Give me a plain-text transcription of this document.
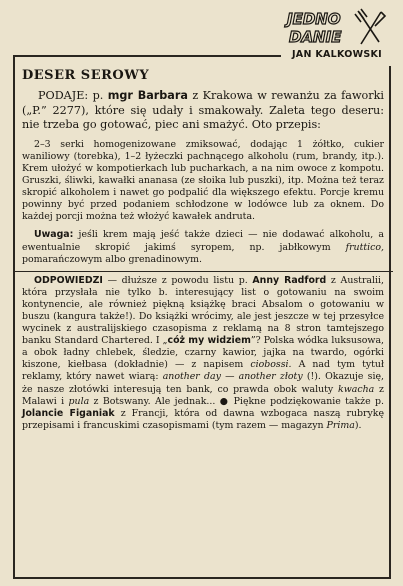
JEDNO
DANIE
JAN KALKOWSKI
DESER SEROWY

PODAJE: p. mgr Barbara z Krakowa w rewanżu za faworki („P.” 2277), które się udały i smakowały. Zaleta tego deseru: nie trzeba go gotować, piec ani smażyć. Oto przepis:

2–3 serki homogenizowane zmiksować, dodając 1 żółtko, cukier waniliowy (torebka), 1–2 łyżeczki pachnącego alkoholu (rum, brandy, itp.). Krem ułożyć w kompotierkach lub pucharkach, a na nim owoce z kompotu. Gruszki, śliwki, kawałki ananasa (ze słoika lub puszki), itp. Można też teraz skropić alkoholem i nawet go podpalić dla większego efektu. Porcje kremu powinny być przed podaniem schłodzone w lodówce lub za oknem. Do każdej porcji można też włożyć kawałek andruta.

Uwaga: jeśli krem mają jeść także dzieci — nie dodawać alkoholu, a ewentualnie skropić jakimś syropem, np. jabłkowym fruttico, pomarańczowym albo grenadinowym.

ODPOWIEDZI — dłuższe z powodu listu p. Anny Radford z Australii, która przysłała nie tylko b. interesujący list o gotowaniu na swoim kontynencie, ale również piękną książkę braci Absalom o gotowaniu w buszu (kangura także!). Do książki wrócimy, ale jest jeszcze w tej przesyłce wycinek z australijskiego czasopisma z reklamą na 8 stron tamtejszego banku Standard Chartered. I „cóż my widziem”? Polska wódka luksusowa, a obok ładny chlebek, śledzie, czarny kawior, jajka na twardo, ogórki kiszone, kiełbasa (dokładnie) — z napisem ciobossi. A nad tym tytuł reklamy, który nawet wiarą: another day — another złoty (!). Okazuje się, że nasze złotówki interesują ten bank, co prawda obok waluty kwacha z Malawi i pula z Botswany. Ale jednak... ● Piękne podziękowanie także p. Jolancie Figaniak z Francji, która od dawna wzbogaca naszą rubrykę przepisami i francuskimi czasopismami (tym razem — magazyn Prima).
